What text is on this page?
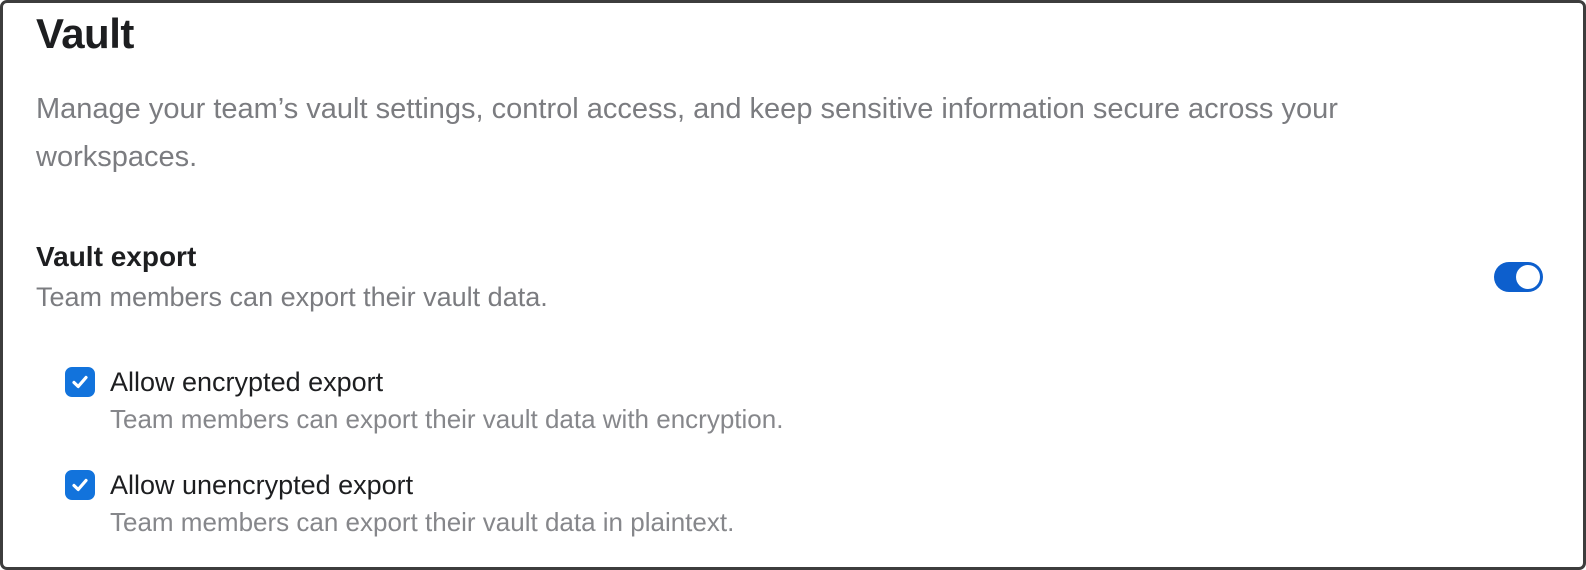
Vault

Manage your team’s vault settings, control access, and keep sensitive information secure across your workspaces.

Vault export
Team members can export their vault data.
Allow encrypted export
Team members can export their vault data with encryption.
Allow unencrypted export
Team members can export their vault data in plaintext.
